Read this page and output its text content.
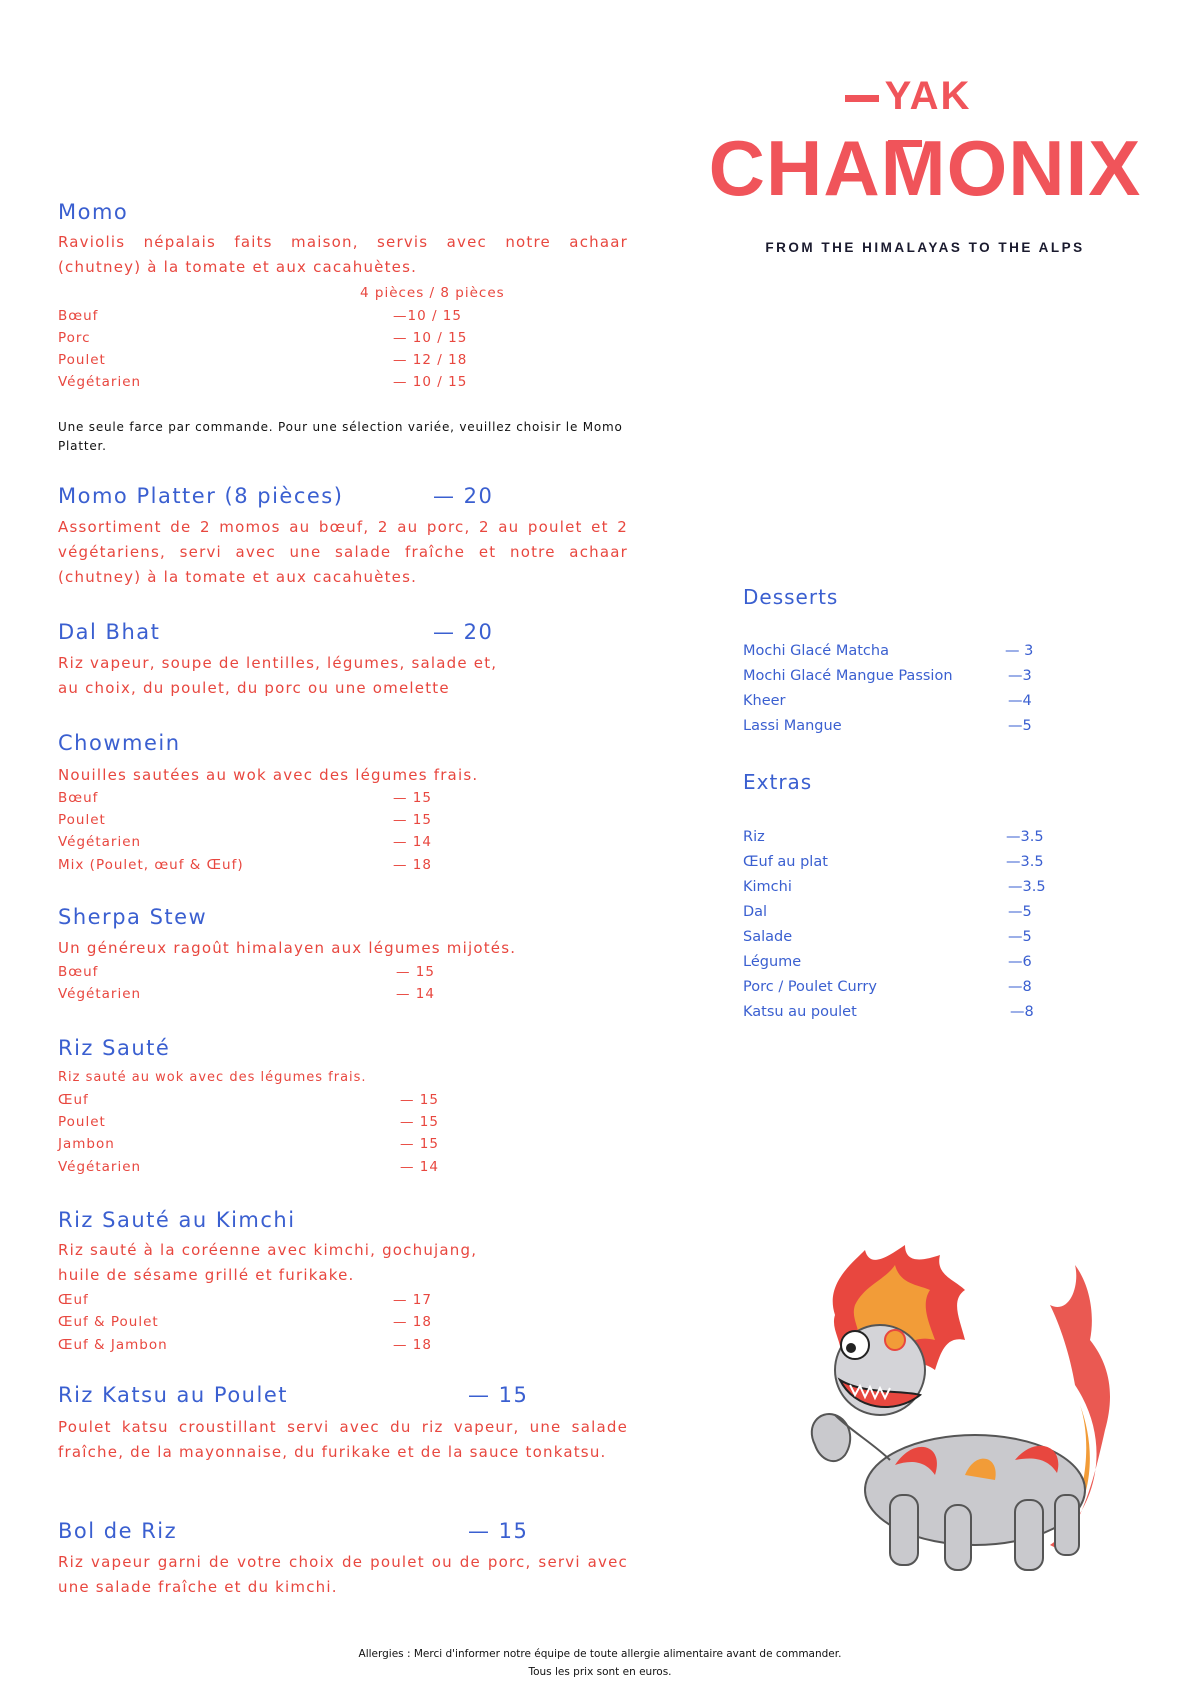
YAK
CHAMONIX
FROM THE HIMALAYAS TO THE ALPS
Momo
Raviolis népalais faits maison, servis avec notre achaar (chutney) à la tomate et aux cacahuètes.
4 pièces / 8 pièces
Bœuf	—10 / 15
Porc	— 10 / 15
Poulet	— 12 / 18
Végétarien	— 10 / 15
Une seule farce par commande. Pour une sélection variée, veuillez choisir le Momo Platter.
Momo Platter (8 pièces)	— 20
Assortiment de 2 momos au bœuf, 2 au porc, 2 au poulet et 2 végétariens, servi avec une salade fraîche et notre achaar (chutney) à la tomate et aux cacahuètes.
Dal Bhat	— 20
Riz vapeur, soupe de lentilles, légumes, salade et,
au choix, du poulet, du porc ou une omelette
Chowmein
Nouilles sautées au wok avec des légumes frais.
Bœuf	— 15
Poulet	— 15
Végétarien	— 14
Mix (Poulet, œuf & Œuf)	— 18
Sherpa Stew
Un généreux ragoût himalayen aux légumes mijotés.
Bœuf	— 15
Végétarien	— 14
Riz Sauté
Riz sauté au wok avec des légumes frais.
Œuf	— 15
Poulet	— 15
Jambon	— 15
Végétarien	— 14
Riz Sauté au Kimchi
Riz sauté à la coréenne avec kimchi, gochujang,
huile de sésame grillé et furikake.
Œuf	— 17
Œuf & Poulet	— 18
Œuf & Jambon	— 18
Riz Katsu au Poulet	— 15
Poulet katsu croustillant servi avec du riz vapeur, une salade fraîche, de la mayonnaise, du furikake et de la sauce tonkatsu.
Bol de Riz	— 15
Riz vapeur garni de votre choix de poulet ou de porc, servi avec une salade fraîche et du kimchi.
Desserts
Mochi Glacé Matcha	— 3
Mochi Glacé Mangue Passion	—3
Kheer	—4
Lassi Mangue	—5
Extras
Riz	—3.5
Œuf au plat	—3.5
Kimchi	—3.5
Dal	—5
Salade	—5
Légume	—6
Porc / Poulet Curry	—8
Katsu au poulet	—8
Allergies : Merci d'informer notre équipe de toute allergie alimentaire avant de commander.
Tous les prix sont en euros.
